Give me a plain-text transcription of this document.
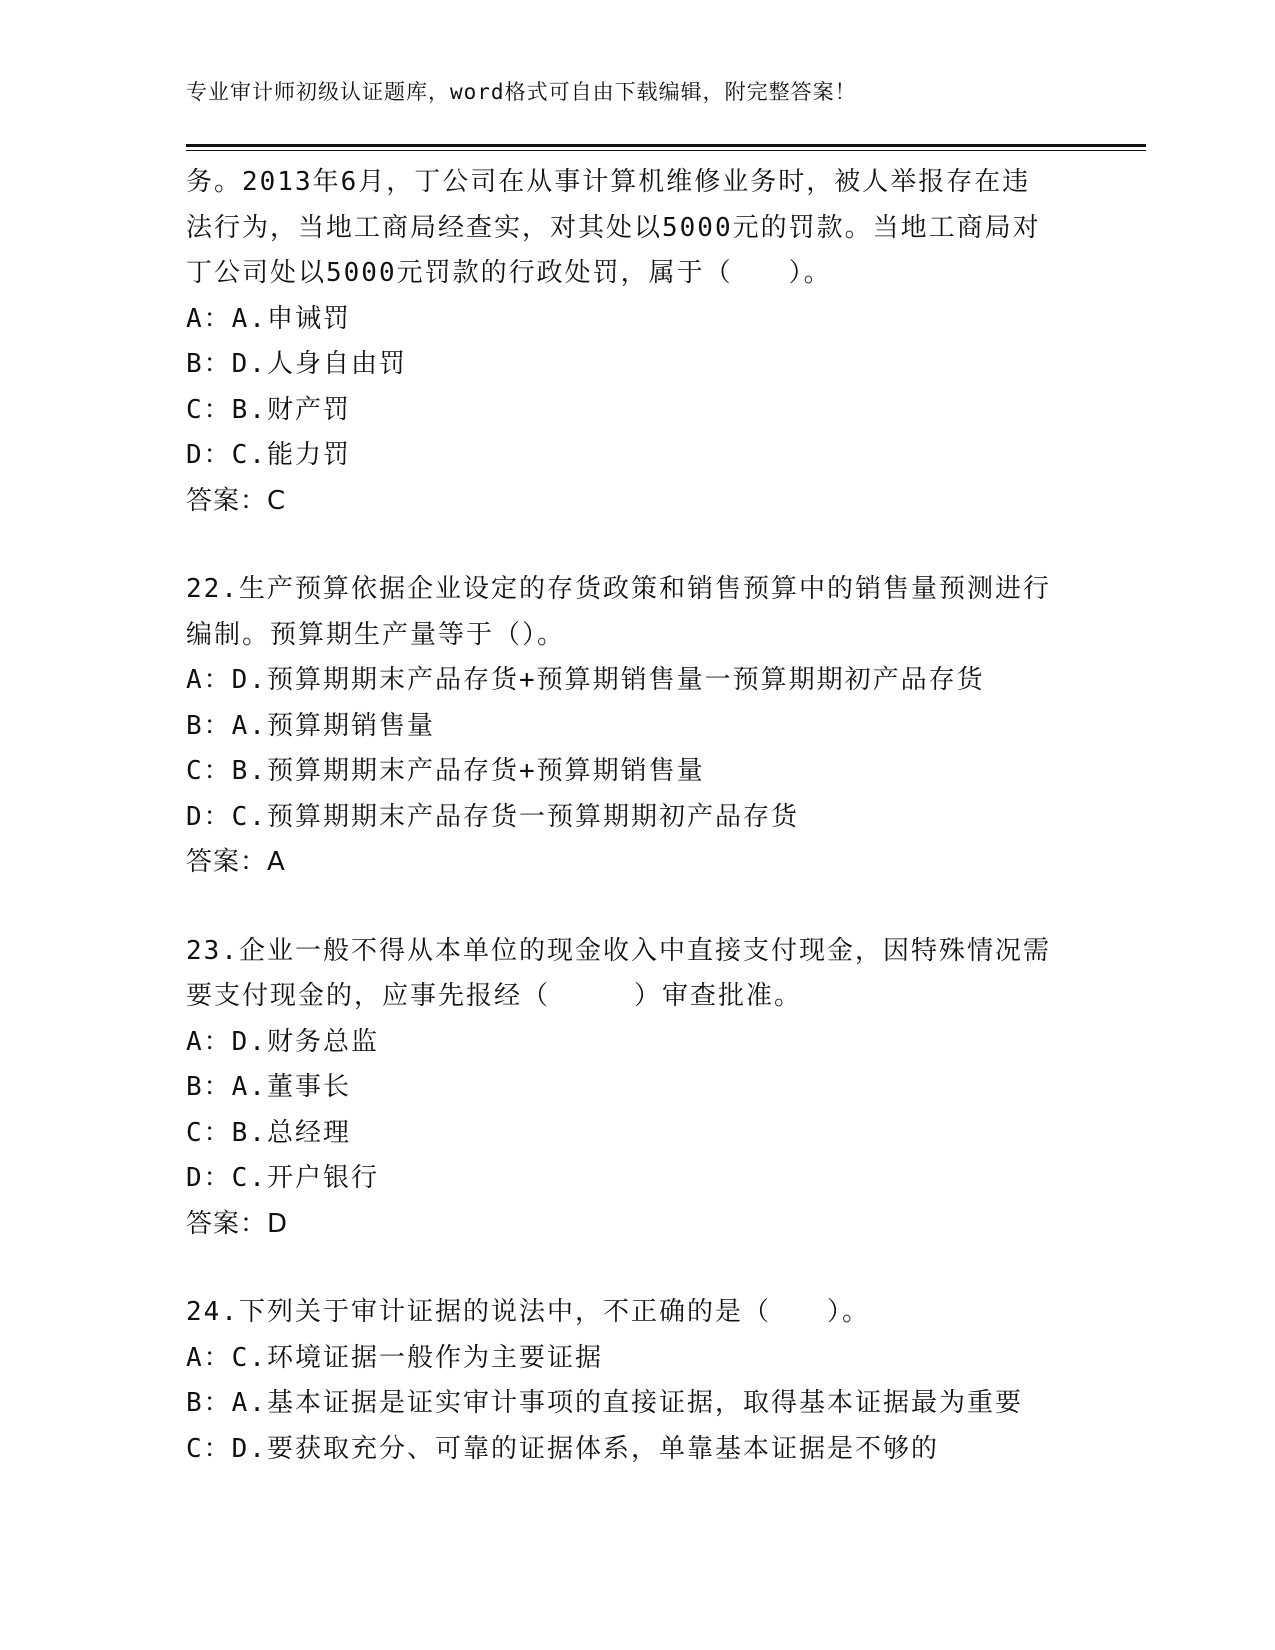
专业审计师初级认证题库，word格式可自由下载编辑，附完整答案！
务。2013年6月，丁公司在从事计算机维修业务时，被人举报存在违
法行为，当地工商局经查实，对其处以5000元的罚款。当地工商局对
丁公司处以5000元罚款的行政处罚，属于（　　）。
A：A.申诫罚
B：D.人身自由罚
C：B.财产罚
D：C.能力罚
答案：C
22.生产预算依据企业设定的存货政策和销售预算中的销售量预测进行
编制。预算期生产量等于（）。
A：D.预算期期末产品存货+预算期销售量一预算期期初产品存货
B：A.预算期销售量
C：B.预算期期末产品存货+预算期销售量
D：C.预算期期末产品存货一预算期期初产品存货
答案：A
23.企业一般不得从本单位的现金收入中直接支付现金，因特殊情况需
要支付现金的，应事先报经（　　　）审查批准。
A：D.财务总监
B：A.董事长
C：B.总经理
D：C.开户银行
答案：D
24.下列关于审计证据的说法中，不正确的是（　　）。
A：C.环境证据一般作为主要证据
B：A.基本证据是证实审计事项的直接证据，取得基本证据最为重要
C：D.要获取充分、可靠的证据体系，单靠基本证据是不够的
